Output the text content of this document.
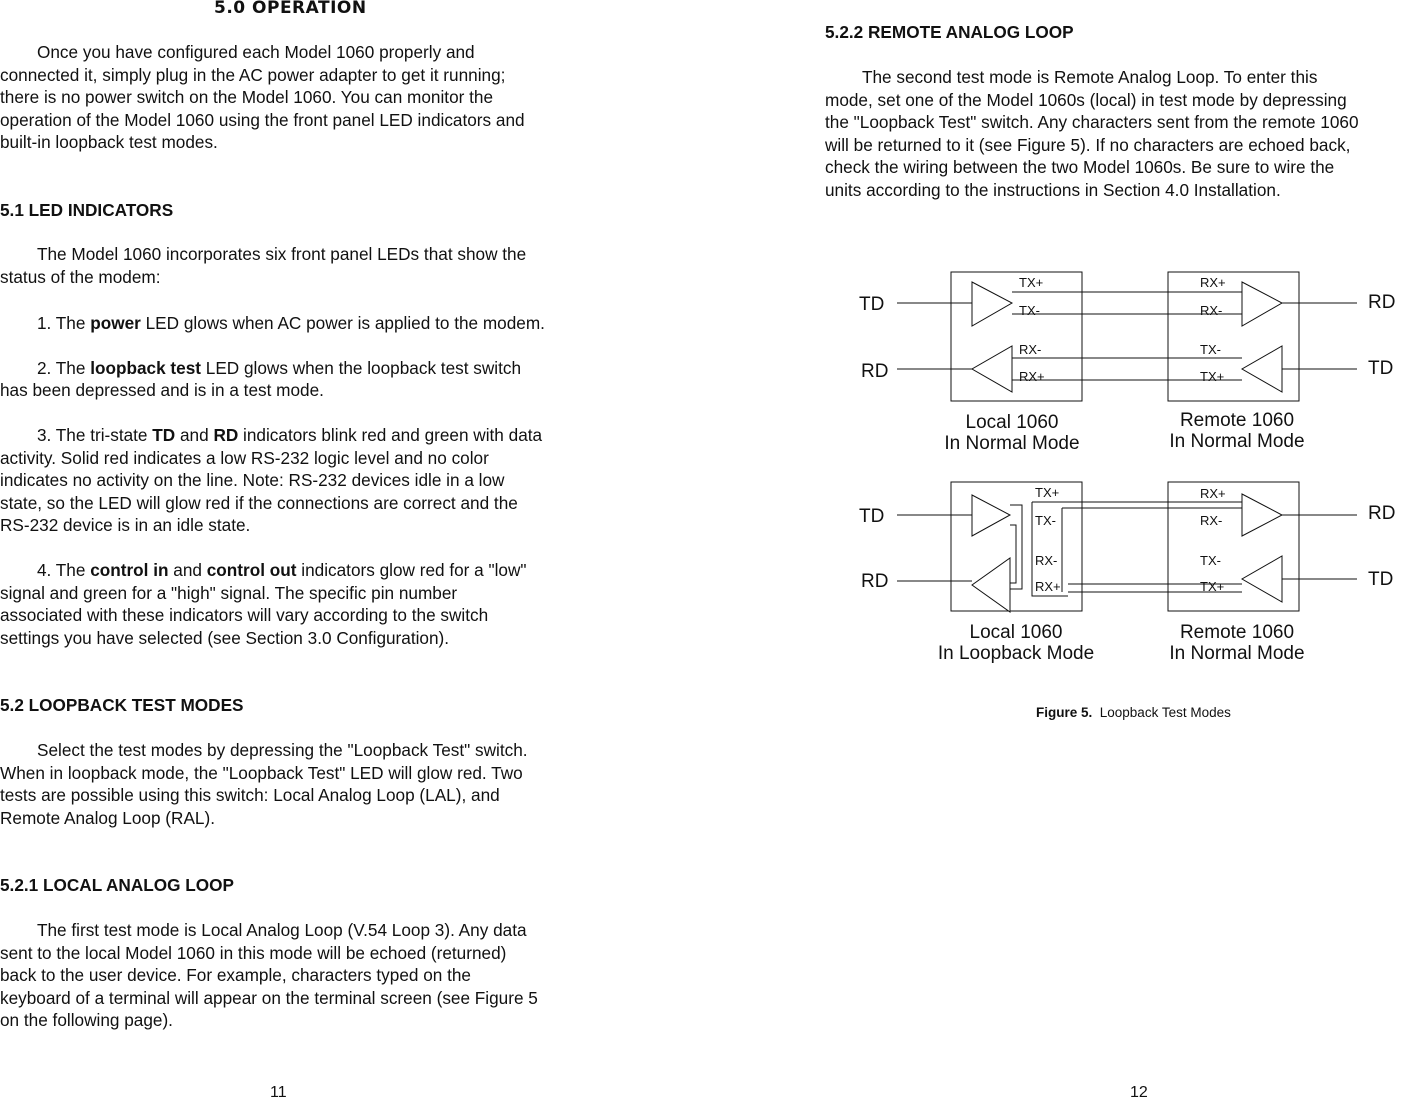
5.0 OPERATION

Once you have configured each Model 1060 properly and

connected it, simply plug in the AC power adapter to get it running;

there is no power switch on the Model 1060. You can monitor the

operation of the Model 1060 using the front panel LED indicators and

built-in loopback test modes.

5.1 LED INDICATORS

The Model 1060 incorporates six front panel LEDs that show the

status of the modem:

1. The power LED glows when AC power is applied to the modem.

2. The loopback test LED glows when the loopback test switch

has been depressed and is in a test mode.

3. The tri-state TD and RD indicators blink red and green with data

activity. Solid red indicates a low RS-232 logic level and no color

indicates no activity on the line. Note: RS-232 devices idle in a low

state, so the LED will glow red if the connections are correct and the

RS-232 device is in an idle state.

4. The control in and control out indicators glow red for a "low"

signal and green for a "high" signal. The specific pin number

associated with these indicators will vary according to the switch

settings you have selected (see Section 3.0 Configuration).

5.2 LOOPBACK TEST MODES

Select the test modes by depressing the "Loopback Test" switch.

When in loopback mode, the "Loopback Test" LED will glow red. Two

tests are possible using this switch: Local Analog Loop (LAL), and

Remote Analog Loop (RAL).

5.2.1 LOCAL ANALOG LOOP

The first test mode is Local Analog Loop (V.54 Loop 3). Any data

sent to the local Model 1060 in this mode will be echoed (returned)

back to the user device. For example, characters typed on the

keyboard of a terminal will appear on the terminal screen (see Figure 5

on the following page).

11

5.2.2 REMOTE ANALOG LOOP

The second test mode is Remote Analog Loop. To enter this

mode, set one of the Model 1060s (local) in test mode by depressing

the "Loopback Test" switch. Any characters sent from the remote 1060

will be returned to it (see Figure 5). If no characters are echoed back,

check the wiring between the two Model 1060s. Be sure to wire the

units according to the instructions in Section 4.0 Installation.

TD
RD
RD
TD
TX+
TX-
RX-
RX+
RX+
RX-
TX-
TX+
Local 1060
In Normal Mode
Remote 1060
In Normal Mode
TD
RD
RD
TD
TX+
TX-
RX-
RX+
RX+
RX-
TX-
TX+
Local 1060
In Loopback Mode
Remote 1060
In Normal Mode
Figure 5.  Loopback Test Modes
12
